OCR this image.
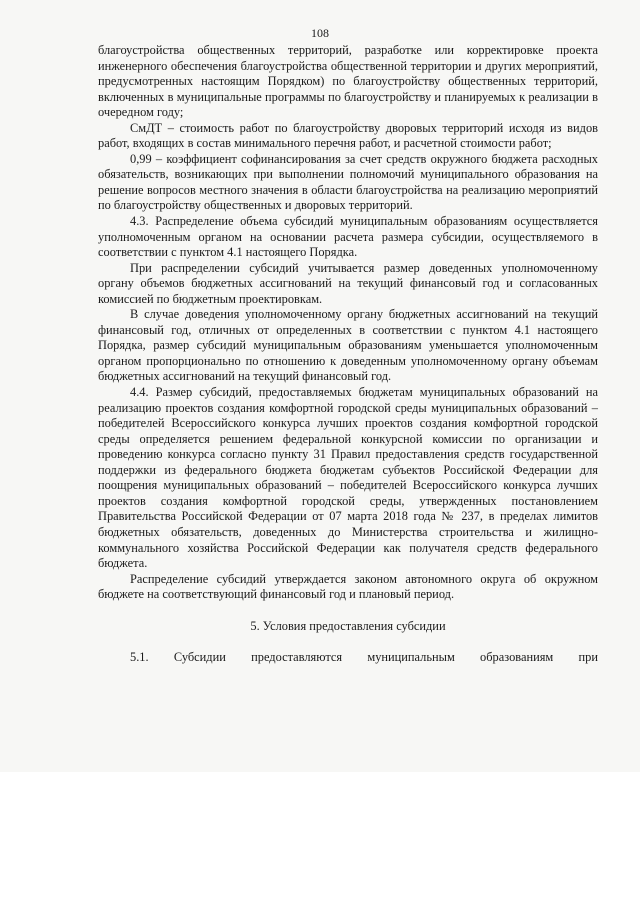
108

благоустройства общественных территорий, разработке или корректировке проекта инженерного обеспечения благоустройства общественной территории и других мероприятий, предусмотренных настоящим Порядком) по благоустройству общественных территорий, включенных в муниципальные программы по благоустройству и планируемых к реализации в очередном году;

СмДТ – стоимость работ по благоустройству дворовых территорий исходя из видов работ, входящих в состав минимального перечня работ, и расчетной стоимости работ;

0,99 – коэффициент софинансирования за счет средств окружного бюджета расходных обязательств, возникающих при выполнении полномочий муниципального образования на решение вопросов местного значения в области благоустройства на реализацию мероприятий по благоустройству общественных и дворовых территорий.

4.3. Распределение объема субсидий муниципальным образованиям осуществляется уполномоченным органом на основании расчета размера субсидии, осуществляемого в соответствии с пунктом 4.1 настоящего Порядка.

При распределении субсидий учитывается размер доведенных уполномоченному органу объемов бюджетных ассигнований на текущий финансовый год и согласованных комиссией по бюджетным проектировкам.

В случае доведения уполномоченному органу бюджетных ассигнований на текущий финансовый год, отличных от определенных в соответствии с пунктом 4.1 настоящего Порядка, размер субсидий муниципальным образованиям уменьшается уполномоченным органом пропорционально по отношению к доведенным уполномоченному органу объемам бюджетных ассигнований на текущий финансовый год.

4.4. Размер субсидий, предоставляемых бюджетам муниципальных образований на реализацию проектов создания комфортной городской среды муниципальных образований – победителей Всероссийского конкурса лучших проектов создания комфортной городской среды определяется решением федеральной конкурсной комиссии по организации и проведению конкурса согласно пункту 31 Правил предоставления средств государственной поддержки из федерального бюджета бюджетам субъектов Российской Федерации для поощрения муниципальных образований – победителей Всероссийского конкурса лучших проектов создания комфортной городской среды, утвержденных постановлением Правительства Российской Федерации от 07 марта 2018 года № 237, в пределах лимитов бюджетных обязательств, доведенных до Министерства строительства и жилищно-коммунального хозяйства Российской Федерации как получателя средств федерального бюджета.

Распределение субсидий утверждается законом автономного округа об окружном бюджете на соответствующий финансовый год и плановый период.

5. Условия предоставления субсидии

5.1. Субсидии предоставляются муниципальным образованиям при
